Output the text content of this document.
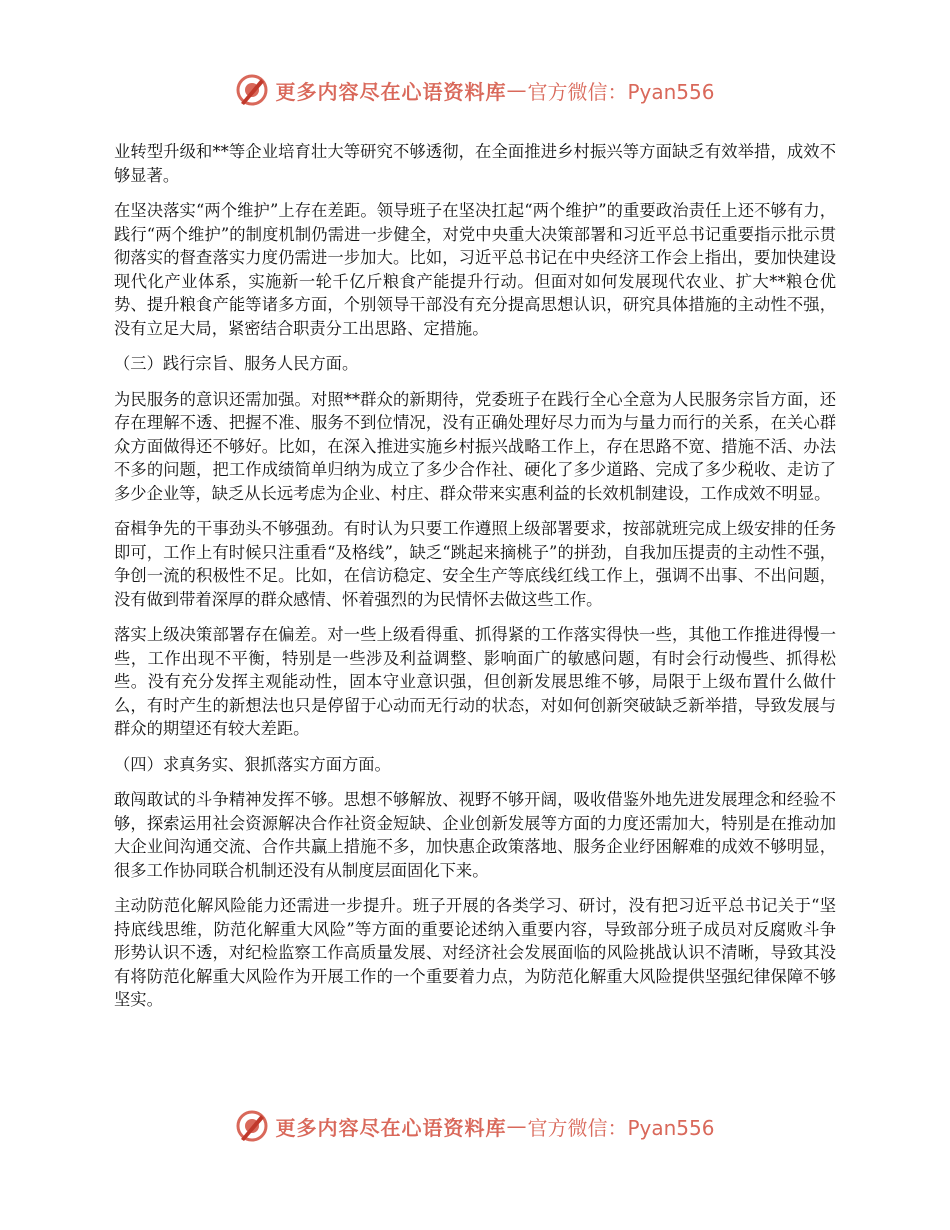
更多内容尽在心语资料库 — 官方微信：Pyan556

业转型升级和**等企业培育壮大等研究不够透彻，在全面推进乡村振兴等方面缺乏有效举措，成效不够显著。

在坚决落实“两个维护”上存在差距。领导班子在坚决扛起“两个维护”的重要政治责任上还不够有力，践行“两个维护”的制度机制仍需进一步健全，对党中央重大决策部署和习近平总书记重要指示批示贯彻落实的督查落实力度仍需进一步加大。比如，习近平总书记在中央经济工作会上指出，要加快建设现代化产业体系，实施新一轮千亿斤粮食产能提升行动。但面对如何发展现代农业、扩大**粮仓优势、提升粮食产能等诸多方面，个别领导干部没有充分提高思想认识，研究具体措施的主动性不强，没有立足大局，紧密结合职责分工出思路、定措施。

（三）践行宗旨、服务人民方面。

为民服务的意识还需加强。对照**群众的新期待，党委班子在践行全心全意为人民服务宗旨方面，还存在理解不透、把握不准、服务不到位情况，没有正确处理好尽力而为与量力而行的关系，在关心群众方面做得还不够好。比如，在深入推进实施乡村振兴战略工作上，存在思路不宽、措施不活、办法不多的问题，把工作成绩简单归纳为成立了多少合作社、硬化了多少道路、完成了多少税收、走访了多少企业等，缺乏从长远考虑为企业、村庄、群众带来实惠利益的长效机制建设，工作成效不明显。

奋楫争先的干事劲头不够强劲。有时认为只要工作遵照上级部署要求，按部就班完成上级安排的任务即可，工作上有时候只注重看“及格线”，缺乏“跳起来摘桃子”的拼劲，自我加压提责的主动性不强，争创一流的积极性不足。比如，在信访稳定、安全生产等底线红线工作上，强调不出事、不出问题，没有做到带着深厚的群众感情、怀着强烈的为民情怀去做这些工作。

落实上级决策部署存在偏差。对一些上级看得重、抓得紧的工作落实得快一些，其他工作推进得慢一些，工作出现不平衡，特别是一些涉及利益调整、影响面广的敏感问题，有时会行动慢些、抓得松些。没有充分发挥主观能动性，固本守业意识强，但创新发展思维不够，局限于上级布置什么做什么，有时产生的新想法也只是停留于心动而无行动的状态，对如何创新突破缺乏新举措，导致发展与群众的期望还有较大差距。

（四）求真务实、狠抓落实方面方面。

敢闯敢试的斗争精神发挥不够。思想不够解放、视野不够开阔，吸收借鉴外地先进发展理念和经验不够，探索运用社会资源解决合作社资金短缺、企业创新发展等方面的力度还需加大，特别是在推动加大企业间沟通交流、合作共赢上措施不多，加快惠企政策落地、服务企业纾困解难的成效不够明显，很多工作协同联合机制还没有从制度层面固化下来。

主动防范化解风险能力还需进一步提升。班子开展的各类学习、研讨，没有把习近平总书记关于“坚持底线思维，防范化解重大风险”等方面的重要论述纳入重要内容，导致部分班子成员对反腐败斗争形势认识不透，对纪检监察工作高质量发展、对经济社会发展面临的风险挑战认识不清晰，导致其没有将防范化解重大风险作为开展工作的一个重要着力点，为防范化解重大风险提供坚强纪律保障不够坚实。

更多内容尽在心语资料库 — 官方微信：Pyan556
